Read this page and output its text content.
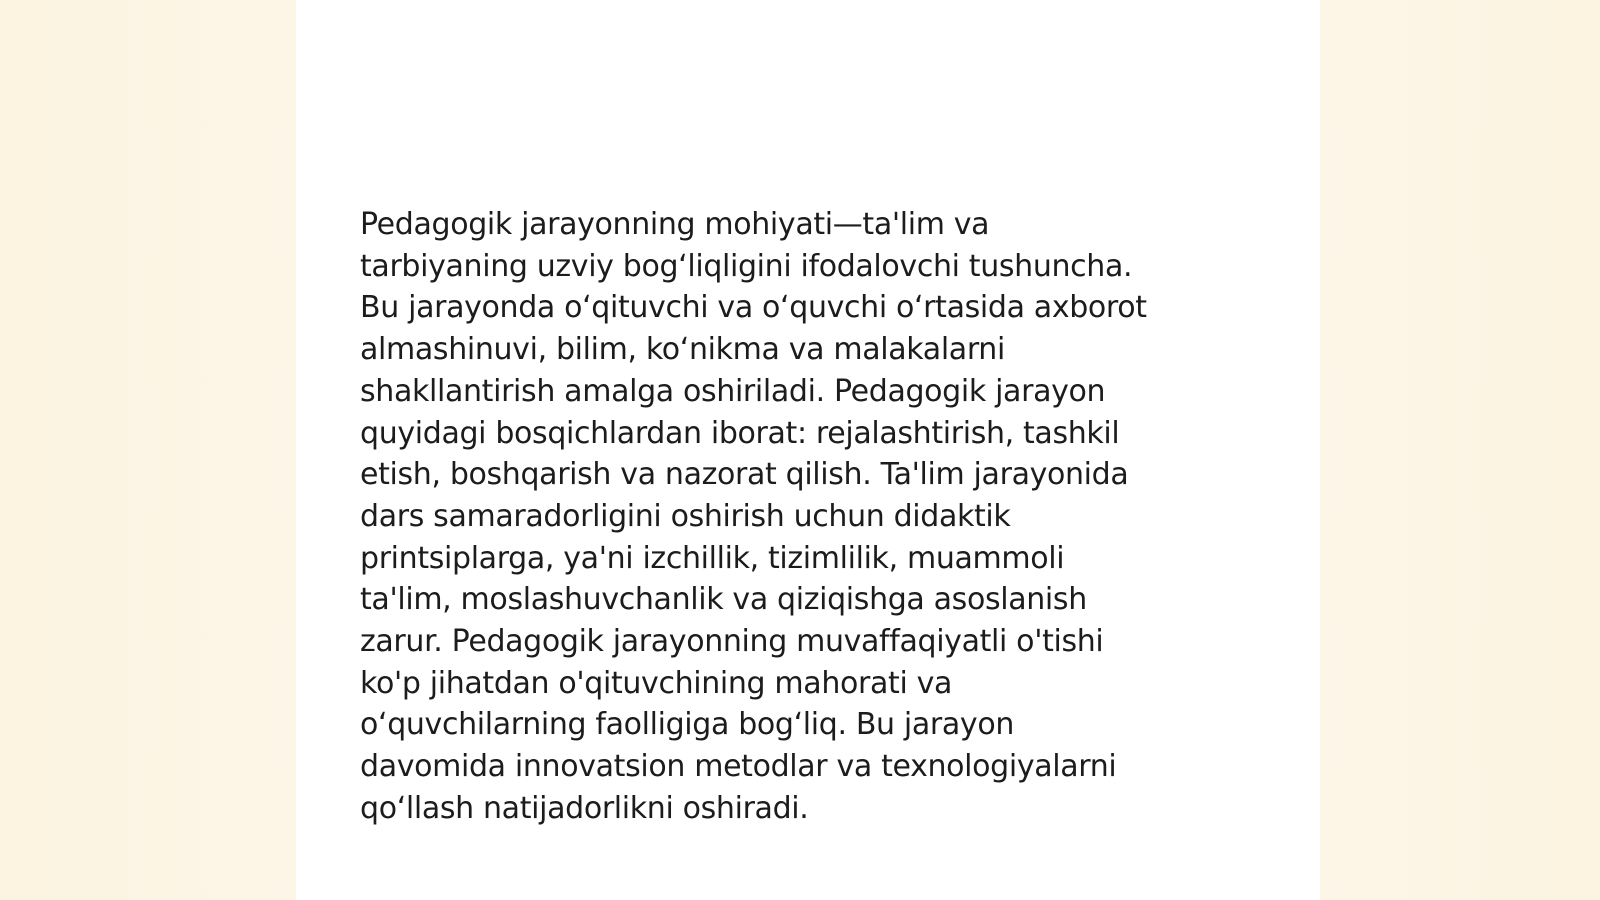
Pedagogik jarayonning mohiyati—ta'lim va
tarbiyaning uzviy bogʻliqligini ifodalovchi tushuncha.
Bu jarayonda oʻqituvchi va oʻquvchi oʻrtasida axborot
almashinuvi, bilim, koʻnikma va malakalarni
shakllantirish amalga oshiriladi. Pedagogik jarayon
quyidagi bosqichlardan iborat: rejalashtirish, tashkil
etish, boshqarish va nazorat qilish. Ta'lim jarayonida
dars samaradorligini oshirish uchun didaktik
printsiplarga, ya'ni izchillik, tizimlilik, muammoli
ta'lim, moslashuvchanlik va qiziqishga asoslanish
zarur. Pedagogik jarayonning muvaffaqiyatli o'tishi
ko'p jihatdan o'qituvchining mahorati va
oʻquvchilarning faolligiga bogʻliq. Bu jarayon
davomida innovatsion metodlar va texnologiyalarni
qoʻllash natijadorlikni oshiradi.
